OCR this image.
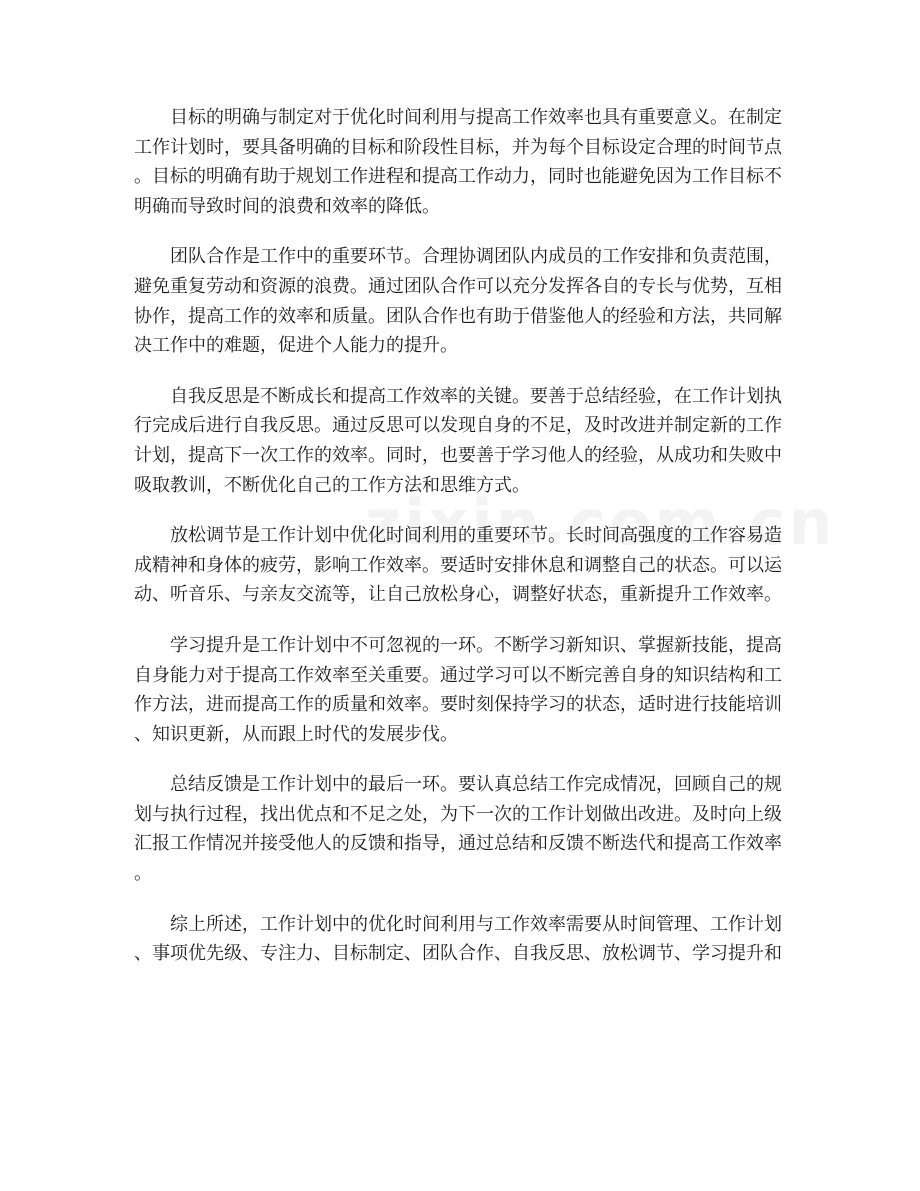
　　目标的明确与制定对于优化时间利用与提高工作效率也具有重要意义。在制定
工作计划时，要具备明确的目标和阶段性目标，并为每个目标设定合理的时间节点
。目标的明确有助于规划工作进程和提高工作动力，同时也能避免因为工作目标不
明确而导致时间的浪费和效率的降低。
　　团队合作是工作中的重要环节。合理协调团队内成员的工作安排和负责范围，
避免重复劳动和资源的浪费。通过团队合作可以充分发挥各自的专长与优势，互相
协作，提高工作的效率和质量。团队合作也有助于借鉴他人的经验和方法，共同解
决工作中的难题，促进个人能力的提升。
　　自我反思是不断成长和提高工作效率的关键。要善于总结经验，在工作计划执
行完成后进行自我反思。通过反思可以发现自身的不足，及时改进并制定新的工作
计划，提高下一次工作的效率。同时，也要善于学习他人的经验，从成功和失败中
吸取教训，不断优化自己的工作方法和思维方式。
　　放松调节是工作计划中优化时间利用的重要环节。长时间高强度的工作容易造
成精神和身体的疲劳，影响工作效率。要适时安排休息和调整自己的状态。可以运
动、听音乐、与亲友交流等，让自己放松身心，调整好状态，重新提升工作效率。
　　学习提升是工作计划中不可忽视的一环。不断学习新知识、掌握新技能，提高
自身能力对于提高工作效率至关重要。通过学习可以不断完善自身的知识结构和工
作方法，进而提高工作的质量和效率。要时刻保持学习的状态，适时进行技能培训
、知识更新，从而跟上时代的发展步伐。
　　总结反馈是工作计划中的最后一环。要认真总结工作完成情况，回顾自己的规
划与执行过程，找出优点和不足之处，为下一次的工作计划做出改进。及时向上级
汇报工作情况并接受他人的反馈和指导，通过总结和反馈不断迭代和提高工作效率
。
　　综上所述，工作计划中的优化时间利用与工作效率需要从时间管理、工作计划
、事项优先级、专注力、目标制定、团队合作、自我反思、放松调节、学习提升和
